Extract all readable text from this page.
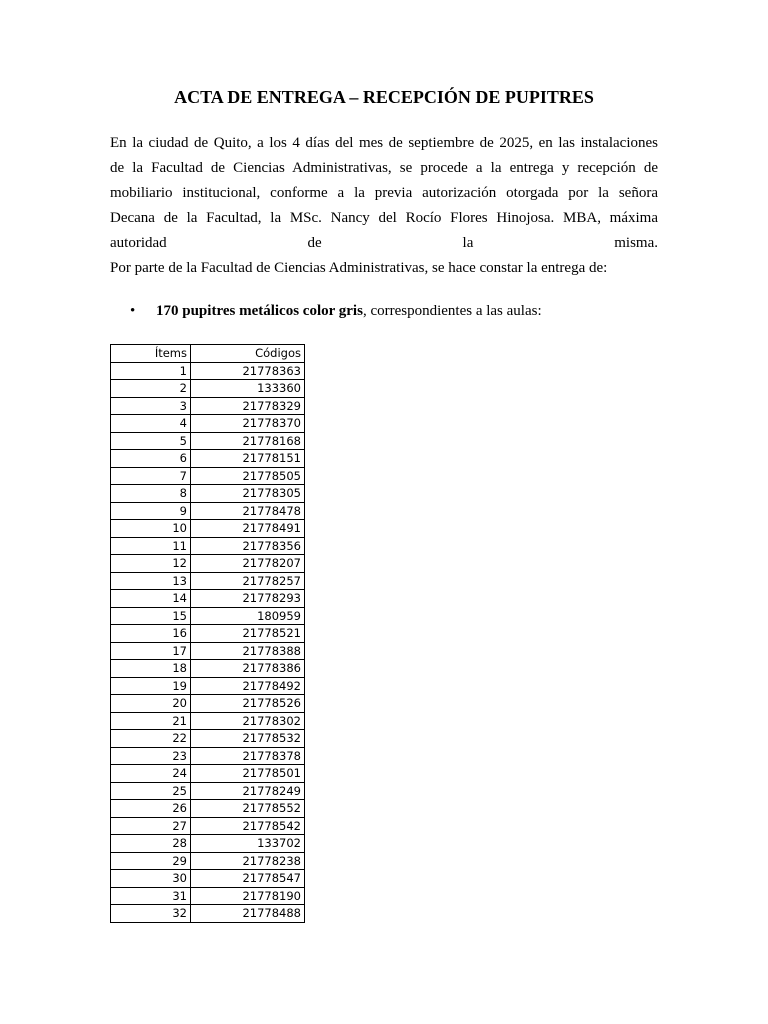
ACTA DE ENTREGA – RECEPCIÓN DE PUPITRES

En la ciudad de Quito, a los 4 días del mes de septiembre de 2025, en las instalaciones
de la Facultad de Ciencias Administrativas, se procede a la entrega y recepción de
mobiliario institucional, conforme a la previa autorización otorgada por la señora
Decana de la Facultad, la MSc. Nancy del Rocío Flores Hinojosa. MBA, máxima
autoridad de la misma.
Por parte de la Facultad de Ciencias Administrativas, se hace constar la entrega de:

• 170 pupitres metálicos color gris, correspondientes a las aulas:

Ítems	Códigos
1	21778363
2	133360
3	21778329
4	21778370
5	21778168
6	21778151
7	21778505
8	21778305
9	21778478
10	21778491
11	21778356
12	21778207
13	21778257
14	21778293
15	180959
16	21778521
17	21778388
18	21778386
19	21778492
20	21778526
21	21778302
22	21778532
23	21778378
24	21778501
25	21778249
26	21778552
27	21778542
28	133702
29	21778238
30	21778547
31	21778190
32	21778488
